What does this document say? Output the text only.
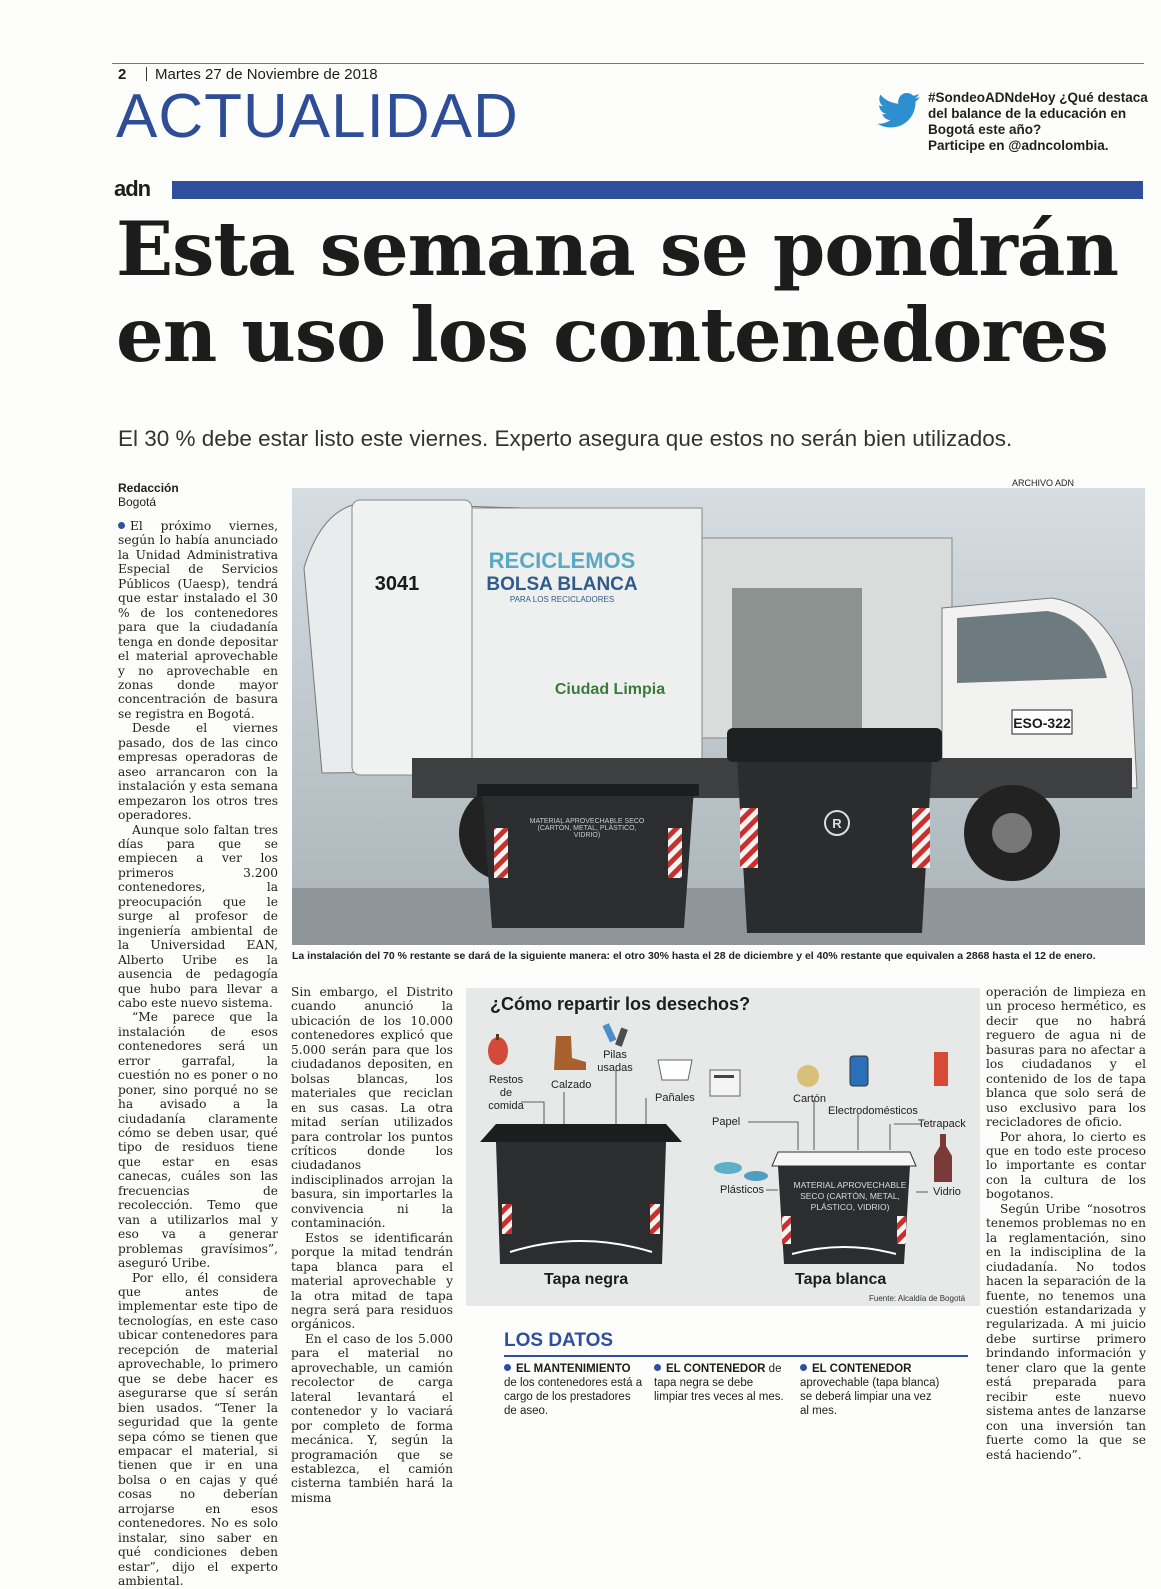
2 Martes 27 de Noviembre de 2018
ACTUALIDAD	#SondeoADNdeHoy ¿Qué destaca del balance de la educación en Bogotá este año?
Participe en @adncolombia.
adn
Esta semana se pondrán
en uso los contenedores
El 30 % debe estar listo este viernes. Experto asegura que estos no serán bien utilizados.
ARCHIVO ADN
Redacción
Bogotá

El próximo viernes, según lo había anunciado la Unidad Administrativa Especial de Servicios Públicos (Uaesp), tendrá que estar instalado el 30 % de los contenedores para que la ciudadanía tenga en donde depositar el material aprovechable y no aprovechable en zonas donde mayor concentración de basura se registra en Bogotá.

Desde el viernes pasado, dos de las cinco empresas operadoras de aseo arrancaron con la instalación y esta semana empezaron los otros tres operadores.

Aunque solo faltan tres días para que se empiecen a ver los primeros 3.200 contenedores, la preocupación que le surge al profesor de ingeniería ambiental de la Universidad EAN, Alberto Uribe es la ausencia de pedagogía que hubo para llevar a cabo este nuevo sistema.

“Me parece que la instalación de esos contenedores será un error garrafal, la cuestión no es poner o no poner, sino porqué no se ha avisado a la ciudadanía claramente cómo se deben usar, qué tipo de residuos tiene que estar en esas canecas, cuáles son las frecuencias de recolección. Temo que van a utilizarlos mal y eso va a generar problemas gravísimos”, aseguró Uribe.

Por ello, él considera que antes de implementar este tipo de tecnologías, en este caso ubicar contenedores para recepción de material aprovechable, lo primero que se debe hacer es asegurarse que sí serán bien usados. “Tener la seguridad que la gente sepa cómo se tienen que empacar el material, si tienen que ir en una bolsa o en cajas y qué cosas no deberían arrojarse en esos contenedores. No es solo instalar, sino saber en qué condiciones deben estar”, dijo el experto ambiental.

ESO-322
RECICLEMOS
BOLSA BLANCA
PARA LOS RECICLADORES
3041
Ciudad Limpia
MATERIAL APROVECHABLE SECO (CARTÓN, METAL, PLÁSTICO, VIDRIO)
R
La instalación del 70 % restante se dará de la siguiente manera: el otro 30% hasta el 28 de diciembre y el 40% restante que equivalen a 2868 hasta el 12 de enero.

Sin embargo, el Distrito cuando anunció la ubicación de los 10.000 contenedores explicó que 5.000 serán para que los ciudadanos depositen, en bolsas blancas, los materiales que reciclan en sus casas. La otra mitad serían utilizados para controlar los puntos críticos donde los ciudadanos indisciplinados arrojan la basura, sin importarles la convivencia ni la contaminación.

Estos se identificarán porque la mitad tendrán tapa blanca para el material aprovechable y la otra mitad de tapa negra será para residuos orgánicos.

En el caso de los 5.000 para el material no aprovechable, un camión recolector de carga lateral levantará el contenedor y lo vaciará por completo de forma mecánica. Y, según la programación que se establezca, el camión cisterna también hará la misma

¿Cómo repartir los desechos?
Restos de comida
Calzado
Pilas usadas
Pañales
Papel
Cartón
Electrodomésticos
Tetrapack
Plásticos	Vidrio
MATERIAL APROVECHABLE SECO (CARTÓN, METAL, PLÁSTICO, VIDRIO)
Tapa negra	Tapa blanca
Fuente: Alcaldía de Bogotá
LOS DATOS
EL MANTENIMIENTO de los contenedores está a cargo de los prestadores de aseo.
EL CONTENEDOR de tapa negra se debe limpiar tres veces al mes.
EL CONTENEDOR aprovechable (tapa blanca) se deberá limpiar una vez al mes.

operación de limpieza en un proceso hermético, es decir que no habrá reguero de agua ni de basuras para no afectar a los ciudadanos y el contenido de los de tapa blanca que solo será de uso exclusivo para los recicladores de oficio.

Por ahora, lo cierto es que en todo este proceso lo importante es contar con la cultura de los bogotanos.

Según Uribe “nosotros tenemos problemas no en la reglamentación, sino en la indisciplina de la ciudadanía. No todos hacen la separación de la fuente, no tenemos una cuestión estandarizada y regularizada. A mi juicio debe surtirse primero brindando información y tener claro que la gente está preparada para recibir este nuevo sistema antes de lanzarse con una inversión tan fuerte como la que se está haciendo”.
